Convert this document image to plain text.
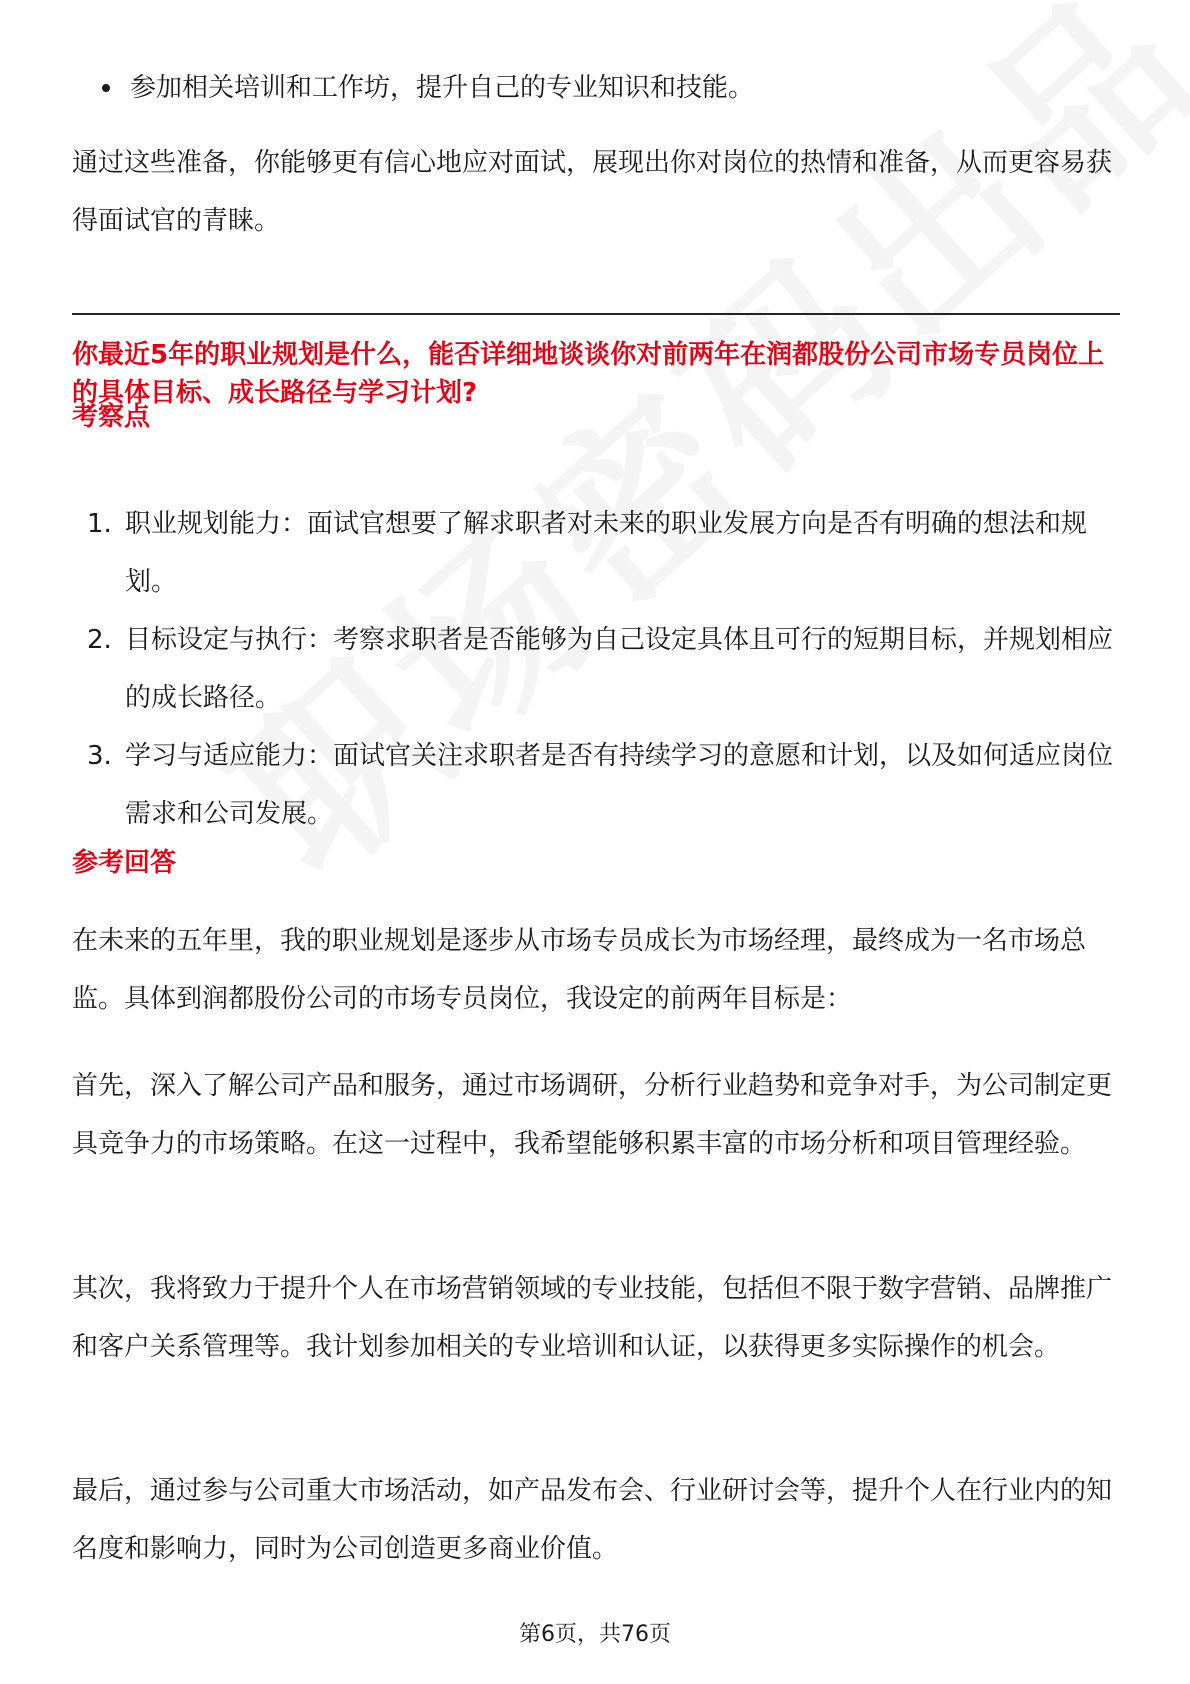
参加相关培训和工作坊，提升自己的专业知识和技能。

通过这些准备，你能够更有信心地应对面试，展现出你对岗位的热情和准备，从而更容易获得面试官的青睐。

你最近5年的职业规划是什么，能否详细地谈谈你对前两年在润都股份公司市场专员岗位上的具体目标、成长路径与学习计划?

考察点

1. 职业规划能力：面试官想要了解求职者对未来的职业发展方向是否有明确的想法和规划。
2. 目标设定与执行：考察求职者是否能够为自己设定具体且可行的短期目标，并规划相应的成长路径。
3. 学习与适应能力：面试官关注求职者是否有持续学习的意愿和计划，以及如何适应岗位需求和公司发展。

参考回答

在未来的五年里，我的职业规划是逐步从市场专员成长为市场经理，最终成为一名市场总监。具体到润都股份公司的市场专员岗位，我设定的前两年目标是：

首先，深入了解公司产品和服务，通过市场调研，分析行业趋势和竞争对手，为公司制定更具竞争力的市场策略。在这一过程中，我希望能够积累丰富的市场分析和项目管理经验。

其次，我将致力于提升个人在市场营销领域的专业技能，包括但不限于数字营销、品牌推广和客户关系管理等。我计划参加相关的专业培训和认证，以获得更多实际操作的机会。

最后，通过参与公司重大市场活动，如产品发布会、行业研讨会等，提升个人在行业内的知名度和影响力，同时为公司创造更多商业价值。

第6页，共76页
